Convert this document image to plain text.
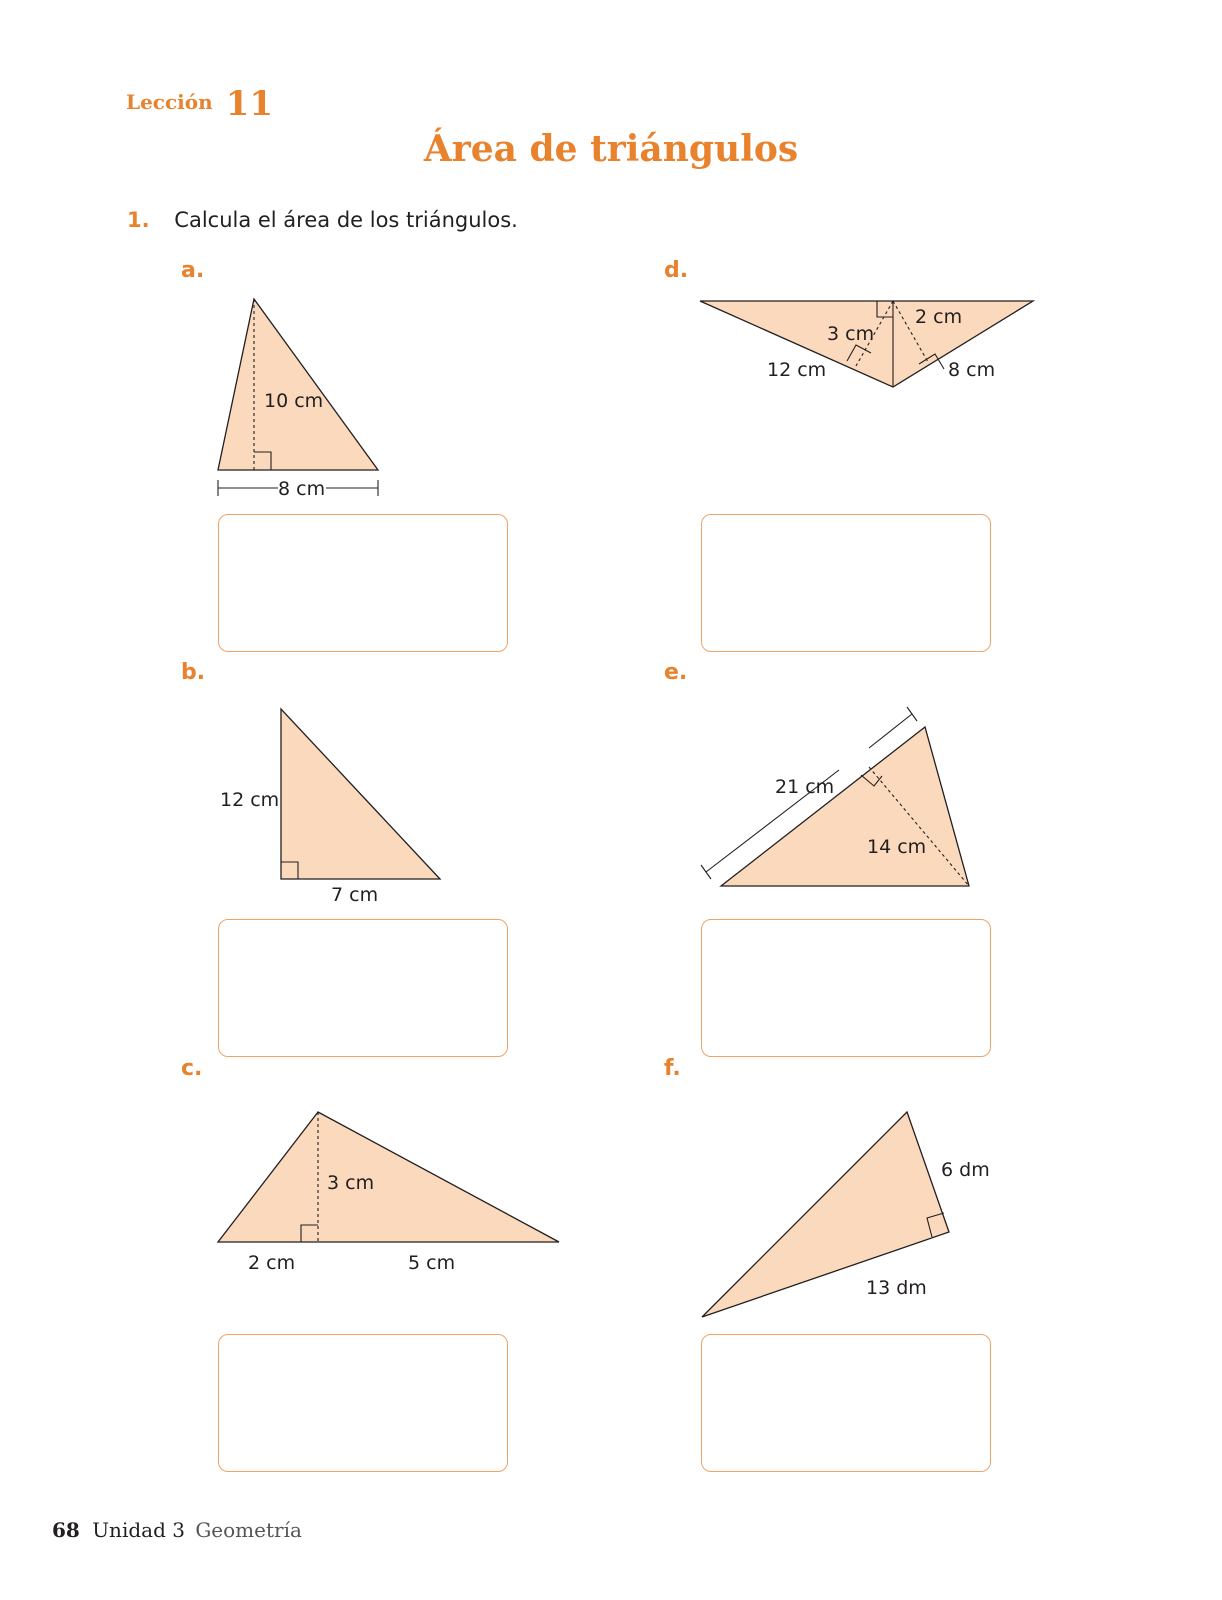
Lección 11
Área de triángulos
1. Calcula el área de los triángulos.
a.
b.
c.
d.
e.
f.
10 cm
8 cm
12 cm
7 cm
3 cm
2 cm	5 cm
3 cm
2 cm
12 cm	8 cm
21 cm
14 cm
6 dm
13 dm
68 Unidad 3 Geometría
